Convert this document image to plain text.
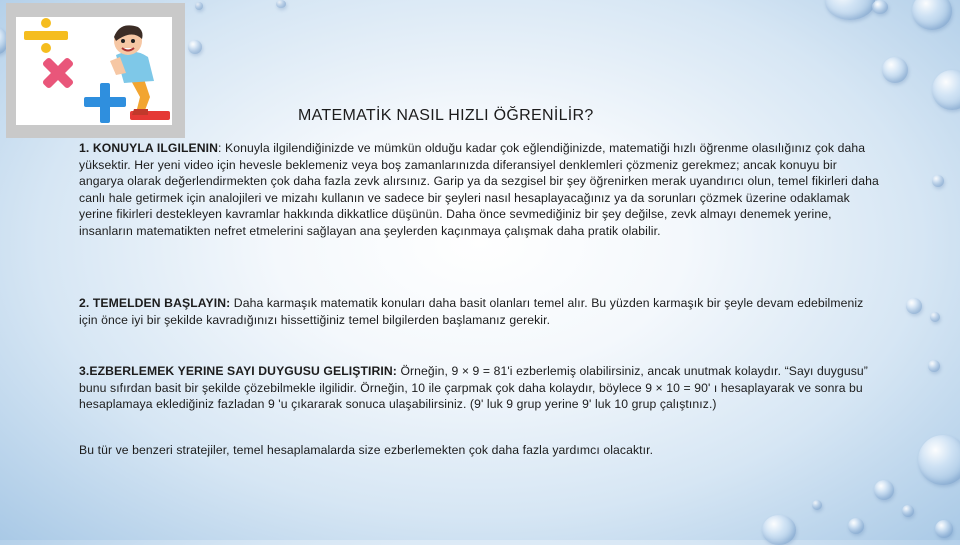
MATEMATİK NASIL HIZLI ÖĞRENİLİR?
1. KONUYLA ILGILENIN: Konuyla ilgilendiğinizde ve mümkün olduğu kadar çok eğlendiğinizde, matematiği hızlı öğrenme olasılığınız çok daha yüksektir. Her yeni video için hevesle beklemeniz veya boş zamanlarınızda diferansiyel denklemleri çözmeniz gerekmez; ancak konuyu bir angarya olarak değerlendirmekten çok daha fazla zevk alırsınız. Garip ya da sezgisel bir şey öğrenirken merak uyandırıcı olun, temel fikirleri daha canlı hale getirmek için analojileri ve mizahı kullanın ve sadece bir şeyleri nasıl hesaplayacağınız ya da sorunları çözmek üzerine odaklamak yerine fikirleri destekleyen kavramlar hakkında dikkatlice düşünün. Daha önce sevmediğiniz bir şey değilse, zevk almayı denemek yerine, insanların matematikten nefret etmelerini sağlayan ana şeylerden kaçınmaya çalışmak daha pratik olabilir.
2. TEMELDEN BAŞLAYIN: Daha karmaşık matematik konuları daha basit olanları temel alır. Bu yüzden karmaşık bir şeyle devam edebilmeniz için önce iyi bir şekilde kavradığınızı hissettiğiniz temel bilgilerden başlamanız gerekir.
3.EZBERLEMEK YERINE SAYI DUYGUSU GELIŞTIRIN: Örneğin, 9 × 9 = 81'i ezberlemiş olabilirsiniz, ancak unutmak kolaydır. “Sayı duygusu” bunu sıfırdan basit bir şekilde çözebilmekle ilgilidir. Örneğin, 10 ile çarpmak çok daha kolaydır, böylece 9 × 10 = 90' ı hesaplayarak ve sonra bu hesaplamaya eklediğiniz fazladan 9 'u çıkararak sonuca ulaşabilirsiniz. (9' luk 9 grup yerine 9' luk 10 grup çalıştınız.)
Bu tür ve benzeri stratejiler, temel hesaplamalarda size ezberlemekten çok daha fazla yardımcı olacaktır.
